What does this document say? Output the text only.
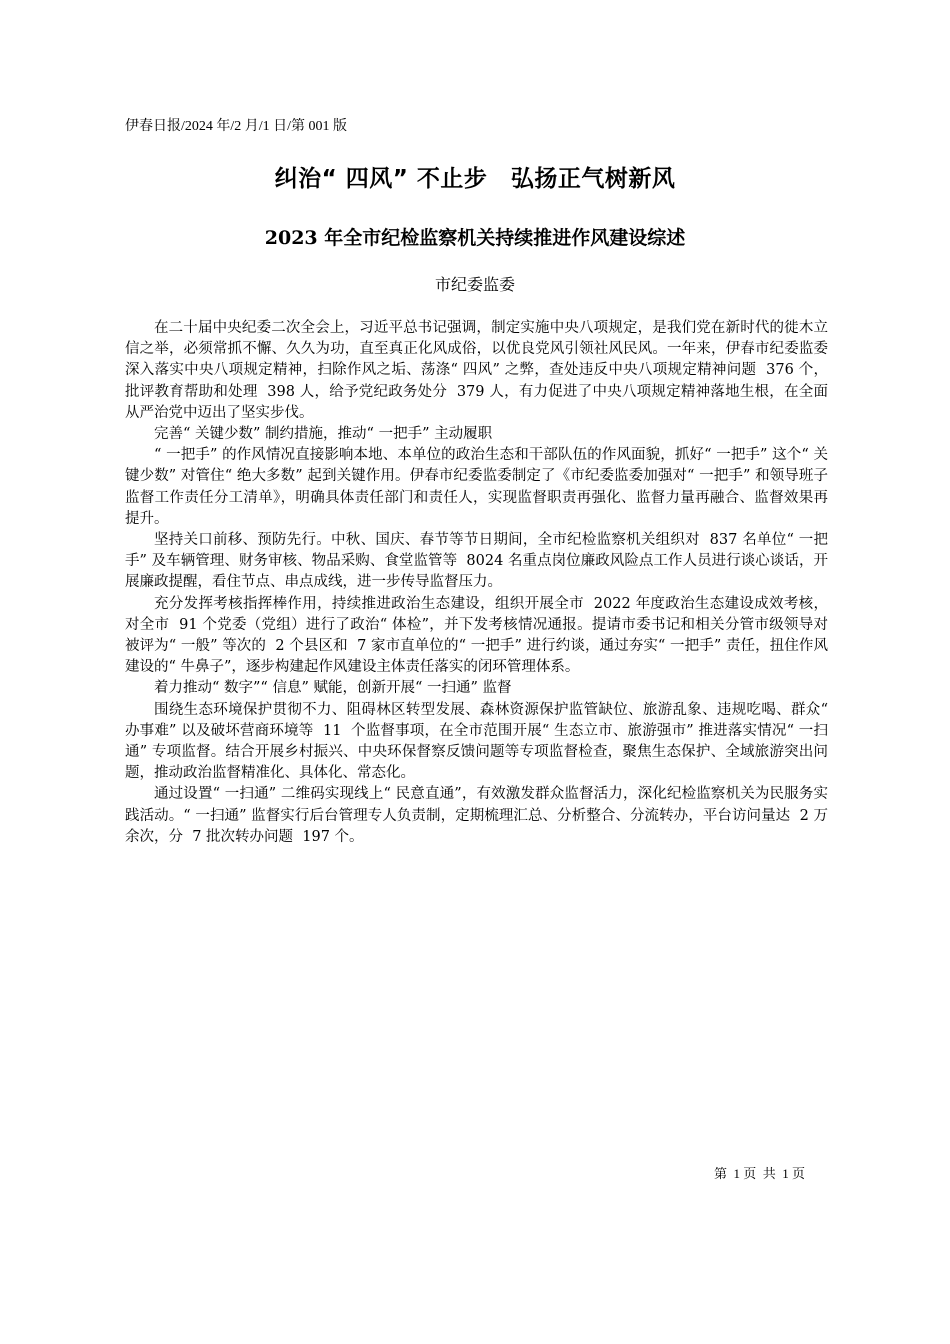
伊春日报/2024 年/2 月/1 日/第 001 版
纠治“ 四风” 不止步　弘扬正气树新风
2023 年全市纪检监察机关持续推进作风建设综述
市纪委监委

在二十届中央纪委二次全会上，习近平总书记强调，制定实施中央八项规定，是我们党在新时代的徙木立信之举，必须常抓不懈、久久为功，直至真正化风成俗，以优良党风引领社风民风。一年来，伊春市纪委监委深入落实中央八项规定精神，扫除作风之垢、荡涤“ 四风” 之弊，查处违反中央八项规定精神问题  376 个，批评教育帮助和处理  398 人，给予党纪政务处分  379 人，有力促进了中央八项规定精神落地生根，在全面从严治党中迈出了坚实步伐。

完善“ 关键少数” 制约措施，推动“ 一把手” 主动履职

“ 一把手” 的作风情况直接影响本地、本单位的政治生态和干部队伍的作风面貌，抓好“ 一把手” 这个“ 关键少数” 对管住“ 绝大多数” 起到关键作用。伊春市纪委监委制定了《市纪委监委加强对“ 一把手” 和领导班子监督工作责任分工清单》，明确具体责任部门和责任人，实现监督职责再强化、监督力量再融合、监督效果再提升。

坚持关口前移、预防先行。中秋、国庆、春节等节日期间，全市纪检监察机关组织对  837 名单位“ 一把手” 及车辆管理、财务审核、物品采购、食堂监管等  8024 名重点岗位廉政风险点工作人员进行谈心谈话，开展廉政提醒，看住节点、串点成线，进一步传导监督压力。

充分发挥考核指挥棒作用，持续推进政治生态建设，组织开展全市  2022 年度政治生态建设成效考核，对全市  91 个党委（党组）进行了政治“ 体检”，并下发考核情况通报。提请市委书记和相关分管市级领导对被评为“ 一般” 等次的  2 个县区和  7 家市直单位的“ 一把手” 进行约谈，通过夯实“ 一把手” 责任，扭住作风建设的“ 牛鼻子”，逐步构建起作风建设主体责任落实的闭环管理体系。

着力推动“ 数字”“ 信息” 赋能，创新开展“ 一扫通” 监督

围绕生态环境保护贯彻不力、阻碍林区转型发展、森林资源保护监管缺位、旅游乱象、违规吃喝、群众“ 办事难” 以及破坏营商环境等  11  个监督事项，在全市范围开展“ 生态立市、旅游强市” 推进落实情况“ 一扫通” 专项监督。结合开展乡村振兴、中央环保督察反馈问题等专项监督检查，聚焦生态保护、全域旅游突出问题，推动政治监督精准化、具体化、常态化。

通过设置“ 一扫通” 二维码实现线上“ 民意直通”，有效激发群众监督活力，深化纪检监察机关为民服务实践活动。“ 一扫通” 监督实行后台管理专人负责制，定期梳理汇总、分析整合、分流转办，平台访问量达  2 万余次，分  7 批次转办问题  197 个。

第  1 页  共  1 页
